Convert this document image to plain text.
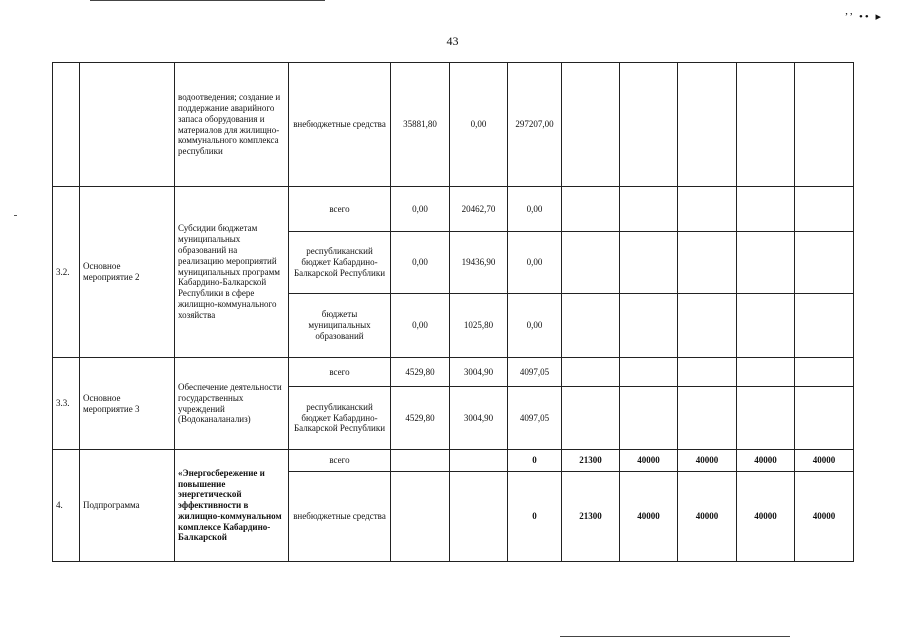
’’ •• ▸
43
		водоотведения; создание и поддержание аварийного запаса оборудования и материалов для жилищно-коммунального комплекса республики	внебюджетные средства	35881,80	0,00	297207,00					
3.2.	Основное мероприятие 2	Субсидии бюджетам муниципальных образований на реализацию мероприятий муниципальных программ Кабардино-Балкарской Республики в сфере жилищно-коммунального хозяйства	всего	0,00	20462,70	0,00					
			республиканский бюджет Кабардино-Балкарской Республики	0,00	19436,90	0,00					
			бюджеты муниципальных образований	0,00	1025,80	0,00					
3.3.	Основное мероприятие 3	Обеспечение деятельности государственных учреждений (Водоканаланализ)	всего	4529,80	3004,90	4097,05					
			республиканский бюджет Кабардино-Балкарской Республики	4529,80	3004,90	4097,05					
4.	Подпрограмма	«Энергосбережение и повышение энергетической эффективности в жилищно-коммунальном комплексе Кабардино-Балкарской	всего			0	21300	40000	40000	40000	40000
			внебюджетные средства			0	21300	40000	40000	40000	40000
